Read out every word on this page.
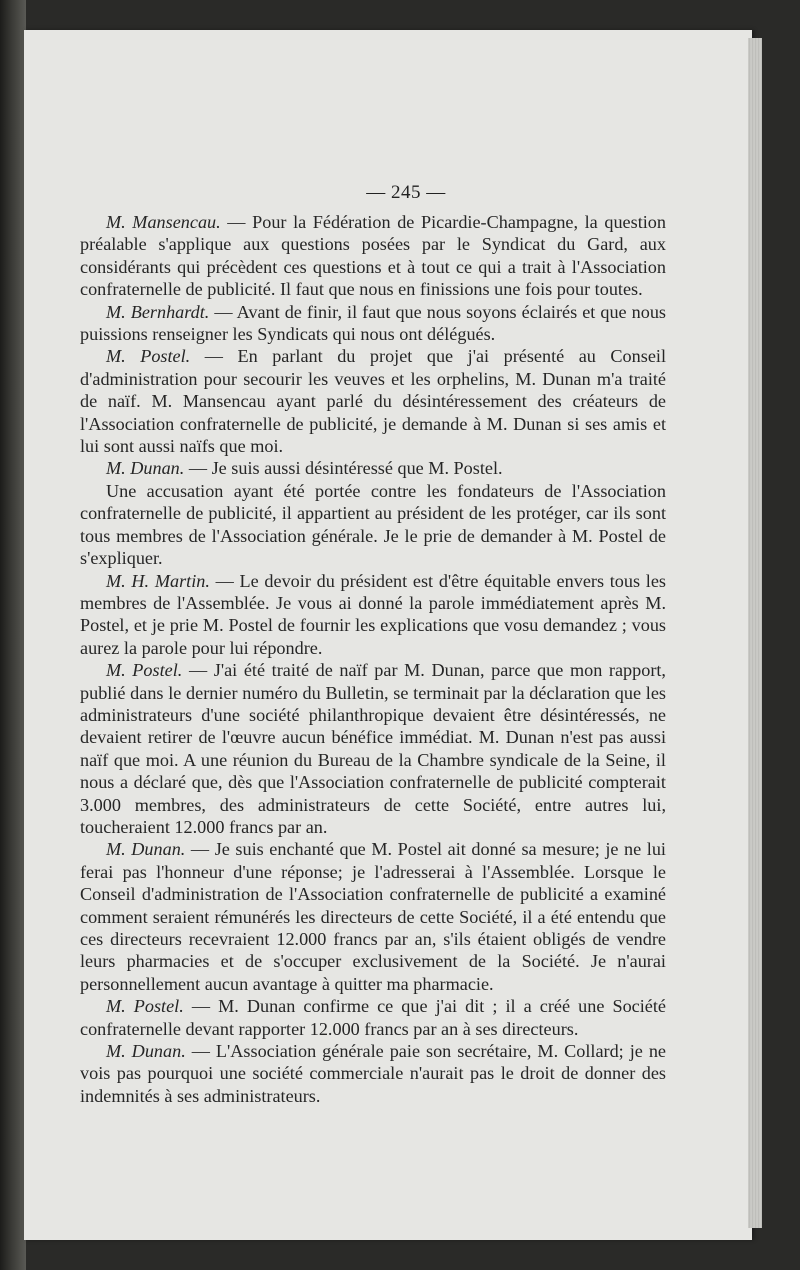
— 245 —

M. Mansencau. — Pour la Fédération de Picardie-Champagne, la question préalable s'applique aux questions posées par le Syndicat du Gard, aux considérants qui précèdent ces questions et à tout ce qui a trait à l'Association confraternelle de publicité. Il faut que nous en finissions une fois pour toutes.

M. Bernhardt. — Avant de finir, il faut que nous soyons éclairés et que nous puissions renseigner les Syndicats qui nous ont délégués.

M. Postel. — En parlant du projet que j'ai présenté au Conseil d'administration pour secourir les veuves et les orphelins, M. Dunan m'a traité de naïf. M. Mansencau ayant parlé du désintéressement des créateurs de l'Association confraternelle de publicité, je demande à M. Dunan si ses amis et lui sont aussi naïfs que moi.

M. Dunan. — Je suis aussi désintéressé que M. Postel.

Une accusation ayant été portée contre les fondateurs de l'Association confraternelle de publicité, il appartient au président de les protéger, car ils sont tous membres de l'Association générale. Je le prie de demander à M. Postel de s'expliquer.

M. H. Martin. — Le devoir du président est d'être équitable envers tous les membres de l'Assemblée. Je vous ai donné la parole immédiatement après M. Postel, et je prie M. Postel de fournir les explications que vosu demandez ; vous aurez la parole pour lui répondre.

M. Postel. — J'ai été traité de naïf par M. Dunan, parce que mon rapport, publié dans le dernier numéro du Bulletin, se terminait par la déclaration que les administrateurs d'une société philanthropique devaient être désintéressés, ne devaient retirer de l'œuvre aucun bénéfice immédiat. M. Dunan n'est pas aussi naïf que moi. A une réunion du Bureau de la Chambre syndicale de la Seine, il nous a déclaré que, dès que l'Association confraternelle de publicité compterait 3.000 membres, des administrateurs de cette Société, entre autres lui, toucheraient 12.000 francs par an.

M. Dunan. — Je suis enchanté que M. Postel ait donné sa mesure; je ne lui ferai pas l'honneur d'une réponse; je l'adresserai à l'Assemblée. Lorsque le Conseil d'administration de l'Association confraternelle de publicité a examiné comment seraient rémunérés les directeurs de cette Société, il a été entendu que ces directeurs recevraient 12.000 francs par an, s'ils étaient obligés de vendre leurs pharmacies et de s'occuper exclusivement de la Société. Je n'aurai personnellement aucun avantage à quitter ma pharmacie.

M. Postel. — M. Dunan confirme ce que j'ai dit ; il a créé une Société confraternelle devant rapporter 12.000 francs par an à ses directeurs.

M. Dunan. — L'Association générale paie son secrétaire, M. Collard; je ne vois pas pourquoi une société commerciale n'aurait pas le droit de donner des indemnités à ses administrateurs.
